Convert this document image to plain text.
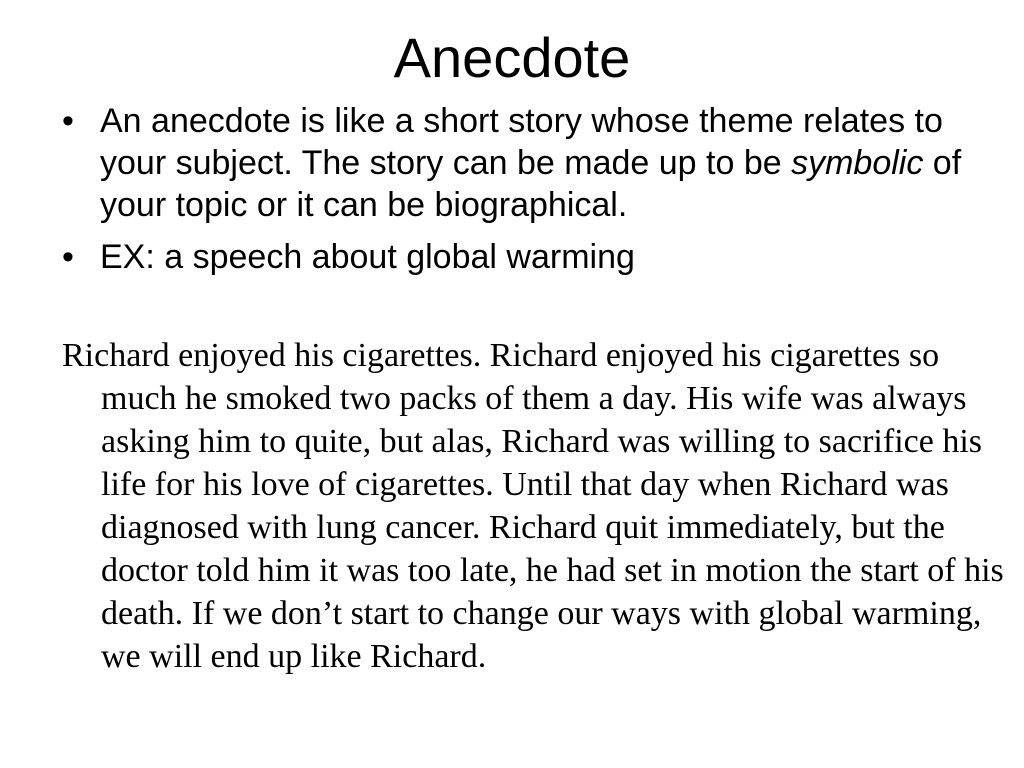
Anecdote
• An anecdote is like a short story whose theme relates to your subject. The story can be made up to be symbolic of your topic or it can be biographical.
• EX: a speech about global warming

Richard enjoyed his cigarettes. Richard enjoyed his cigarettes so much he smoked two packs of them a day. His wife was always asking him to quite, but alas, Richard was willing to sacrifice his life for his love of cigarettes. Until that day when Richard was diagnosed with lung cancer. Richard quit immediately, but the doctor told him it was too late, he had set in motion the start of his death. If we don’t start to change our ways with global warming, we will end up like Richard.
